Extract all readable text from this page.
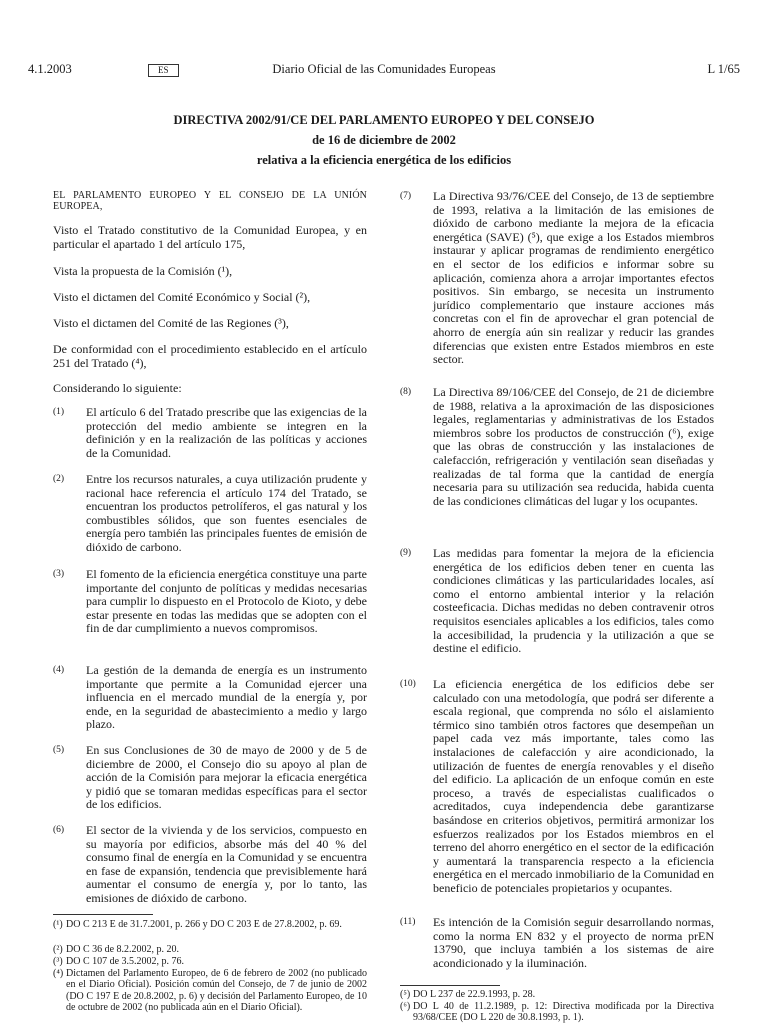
4.1.2003	ES	Diario Oficial de las Comunidades Europeas	L 1/65
DIRECTIVA 2002/91/CE DEL PARLAMENTO EUROPEO Y DEL CONSEJO
de 16 de diciembre de 2002
relativa a la eficiencia energética de los edificios

EL PARLAMENTO EUROPEO Y EL CONSEJO DE LA UNIÓN EUROPEA,

Visto el Tratado constitutivo de la Comunidad Europea, y en particular el apartado 1 del artículo 175,

Vista la propuesta de la Comisión (¹),

Visto el dictamen del Comité Económico y Social (²),

Visto el dictamen del Comité de las Regiones (³),

De conformidad con el procedimiento establecido en el artículo 251 del Tratado (⁴),

Considerando lo siguiente:

(1)	El artículo 6 del Tratado prescribe que las exigencias de la protección del medio ambiente se integren en la definición y en la realización de las políticas y acciones de la Comunidad.
(2)	Entre los recursos naturales, a cuya utilización prudente y racional hace referencia el artículo 174 del Tratado, se encuentran los productos petrolíferos, el gas natural y los combustibles sólidos, que son fuentes esenciales de energía pero también las principales fuentes de emisión de dióxido de carbono.
(3)	El fomento de la eficiencia energética constituye una parte importante del conjunto de políticas y medidas necesarias para cumplir lo dispuesto en el Protocolo de Kioto, y debe estar presente en todas las medidas que se adopten con el fin de dar cumplimiento a nuevos compromisos.
(4)	La gestión de la demanda de energía es un instrumento importante que permite a la Comunidad ejercer una influencia en el mercado mundial de la energía y, por ende, en la seguridad de abastecimiento a medio y largo plazo.
(5)	En sus Conclusiones de 30 de mayo de 2000 y de 5 de diciembre de 2000, el Consejo dio su apoyo al plan de acción de la Comisión para mejorar la eficacia energética y pidió que se tomaran medidas específicas para el sector de los edificios.
(6)	El sector de la vivienda y de los servicios, compuesto en su mayoría por edificios, absorbe más del 40 % del consumo final de energía en la Comunidad y se encuentra en fase de expansión, tendencia que previsiblemente hará aumentar el consumo de energía y, por lo tanto, las emisiones de dióxido de carbono.
(¹) DO C 213 E de 31.7.2001, p. 266 y DO C 203 E de 27.8.2002, p. 69.
(²) DO C 36 de 8.2.2002, p. 20.
(³) DO C 107 de 3.5.2002, p. 76.
(⁴) Dictamen del Parlamento Europeo, de 6 de febrero de 2002 (no publicado en el Diario Oficial). Posición común del Consejo, de 7 de junio de 2002 (DO C 197 E de 20.8.2002, p. 6) y decisión del Parlamento Europeo, de 10 de octubre de 2002 (no publicada aún en el Diario Oficial).
(7)	La Directiva 93/76/CEE del Consejo, de 13 de septiembre de 1993, relativa a la limitación de las emisiones de dióxido de carbono mediante la mejora de la eficacia energética (SAVE) (⁵), que exige a los Estados miembros instaurar y aplicar programas de rendimiento energético en el sector de los edificios e informar sobre su aplicación, comienza ahora a arrojar importantes efectos positivos. Sin embargo, se necesita un instrumento jurídico complementario que instaure acciones más concretas con el fin de aprovechar el gran potencial de ahorro de energía aún sin realizar y reducir las grandes diferencias que existen entre Estados miembros en este sector.
(8)	La Directiva 89/106/CEE del Consejo, de 21 de diciembre de 1988, relativa a la aproximación de las disposiciones legales, reglamentarias y administrativas de los Estados miembros sobre los productos de construcción (⁶), exige que las obras de construcción y las instalaciones de calefacción, refrigeración y ventilación sean diseñadas y realizadas de tal forma que la cantidad de energía necesaria para su utilización sea reducida, habida cuenta de las condiciones climáticas del lugar y los ocupantes.
(9)	Las medidas para fomentar la mejora de la eficiencia energética de los edificios deben tener en cuenta las condiciones climáticas y las particularidades locales, así como el entorno ambiental interior y la relación costeeficacia. Dichas medidas no deben contravenir otros requisitos esenciales aplicables a los edificios, tales como la accesibilidad, la prudencia y la utilización a que se destine el edificio.
(10)	La eficiencia energética de los edificios debe ser calculado con una metodología, que podrá ser diferente a escala regional, que comprenda no sólo el aislamiento térmico sino también otros factores que desempeñan un papel cada vez más importante, tales como las instalaciones de calefacción y aire acondicionado, la utilización de fuentes de energía renovables y el diseño del edificio. La aplicación de un enfoque común en este proceso, a través de especialistas cualificados o acreditados, cuya independencia debe garantizarse basándose en criterios objetivos, permitirá armonizar los esfuerzos realizados por los Estados miembros en el terreno del ahorro energético en el sector de la edificación y aumentará la transparencia respecto a la eficiencia energética en el mercado inmobiliario de la Comunidad en beneficio de potenciales propietarios y ocupantes.
(11)	Es intención de la Comisión seguir desarrollando normas, como la norma EN 832 y el proyecto de norma prEN 13790, que incluya también a los sistemas de aire acondicionado y la iluminación.
(⁵) DO L 237 de 22.9.1993, p. 28.
(⁶) DO L 40 de 11.2.1989, p. 12: Directiva modificada por la Directiva 93/68/CEE (DO L 220 de 30.8.1993, p. 1).
